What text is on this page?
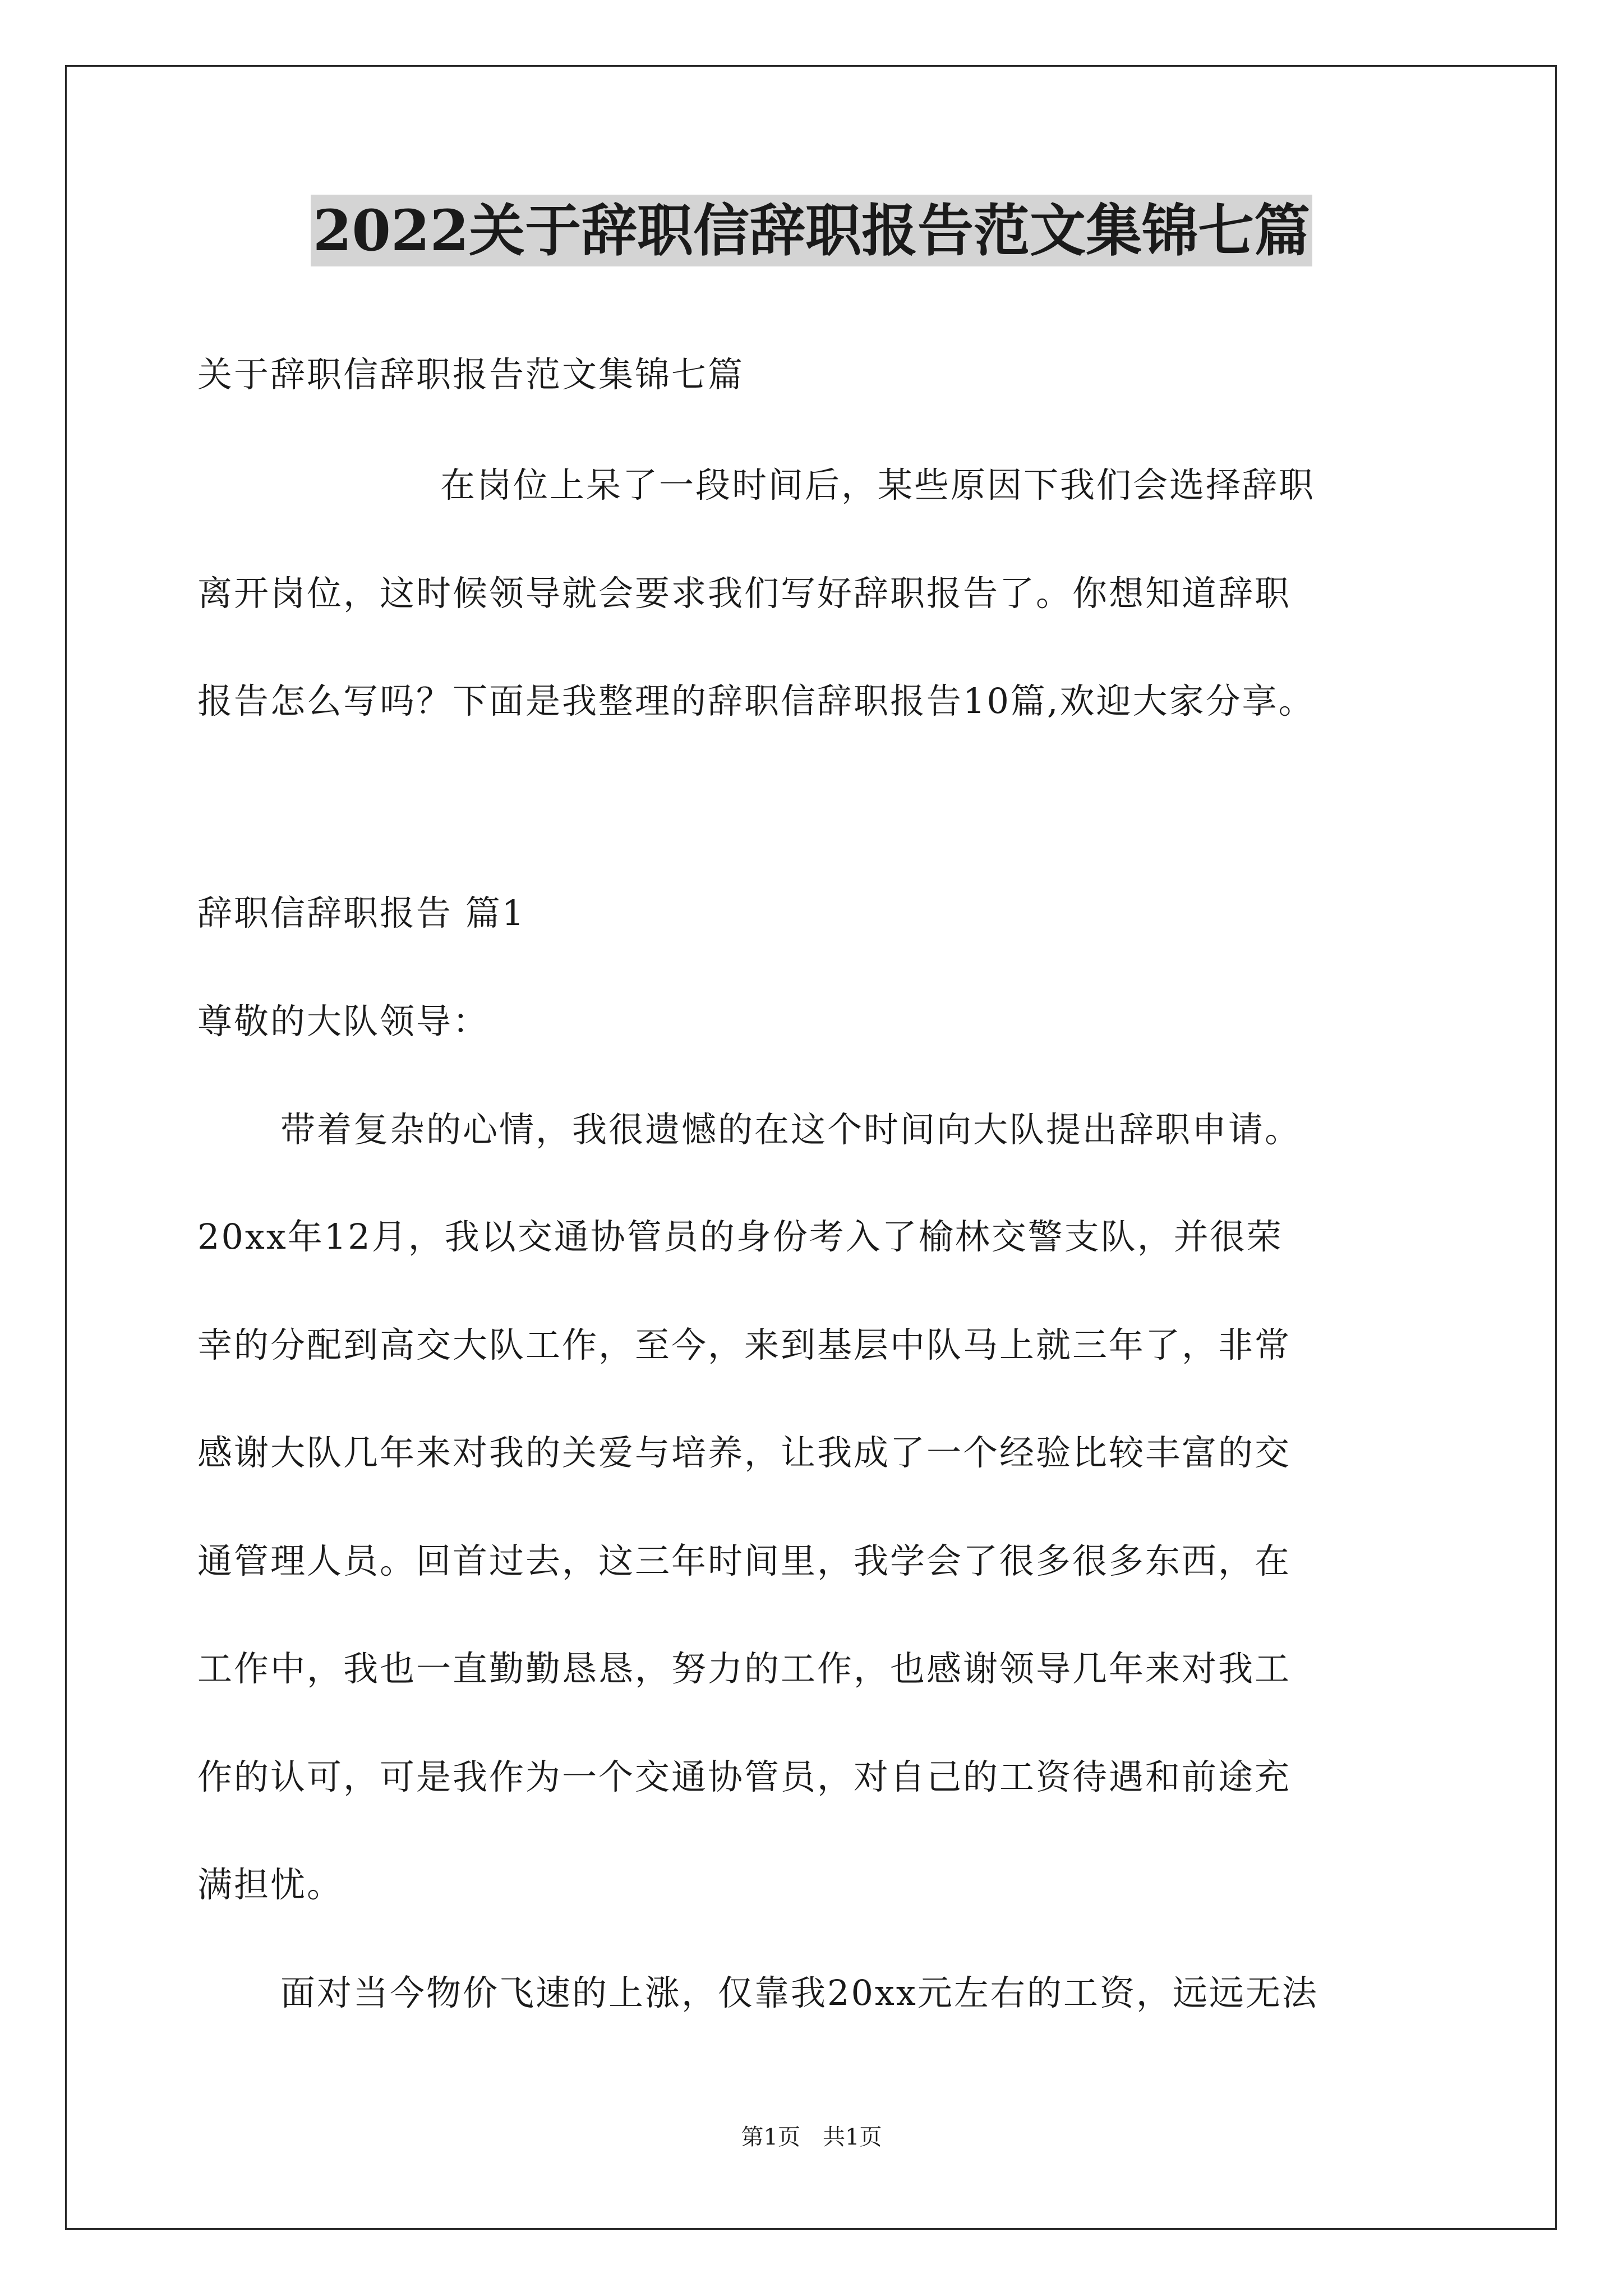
2022关于辞职信辞职报告范文集锦七篇

关于辞职信辞职报告范文集锦七篇

在岗位上呆了一段时间后，某些原因下我们会选择辞职

离开岗位，这时候领导就会要求我们写好辞职报告了。你想知道辞职

报告怎么写吗？下面是我整理的辞职信辞职报告10篇,欢迎大家分享。

辞职信辞职报告 篇1

尊敬的大队领导：

带着复杂的心情，我很遗憾的在这个时间向大队提出辞职申请。

20xx年12月，我以交通协管员的身份考入了榆林交警支队，并很荣

幸的分配到高交大队工作，至今，来到基层中队马上就三年了，非常

感谢大队几年来对我的关爱与培养，让我成了一个经验比较丰富的交

通管理人员。回首过去，这三年时间里，我学会了很多很多东西，在

工作中，我也一直勤勤恳恳，努力的工作，也感谢领导几年来对我工

作的认可，可是我作为一个交通协管员，对自己的工资待遇和前途充

满担忧。

面对当今物价飞速的上涨，仅靠我20xx元左右的工资，远远无法

第1页 共1页
